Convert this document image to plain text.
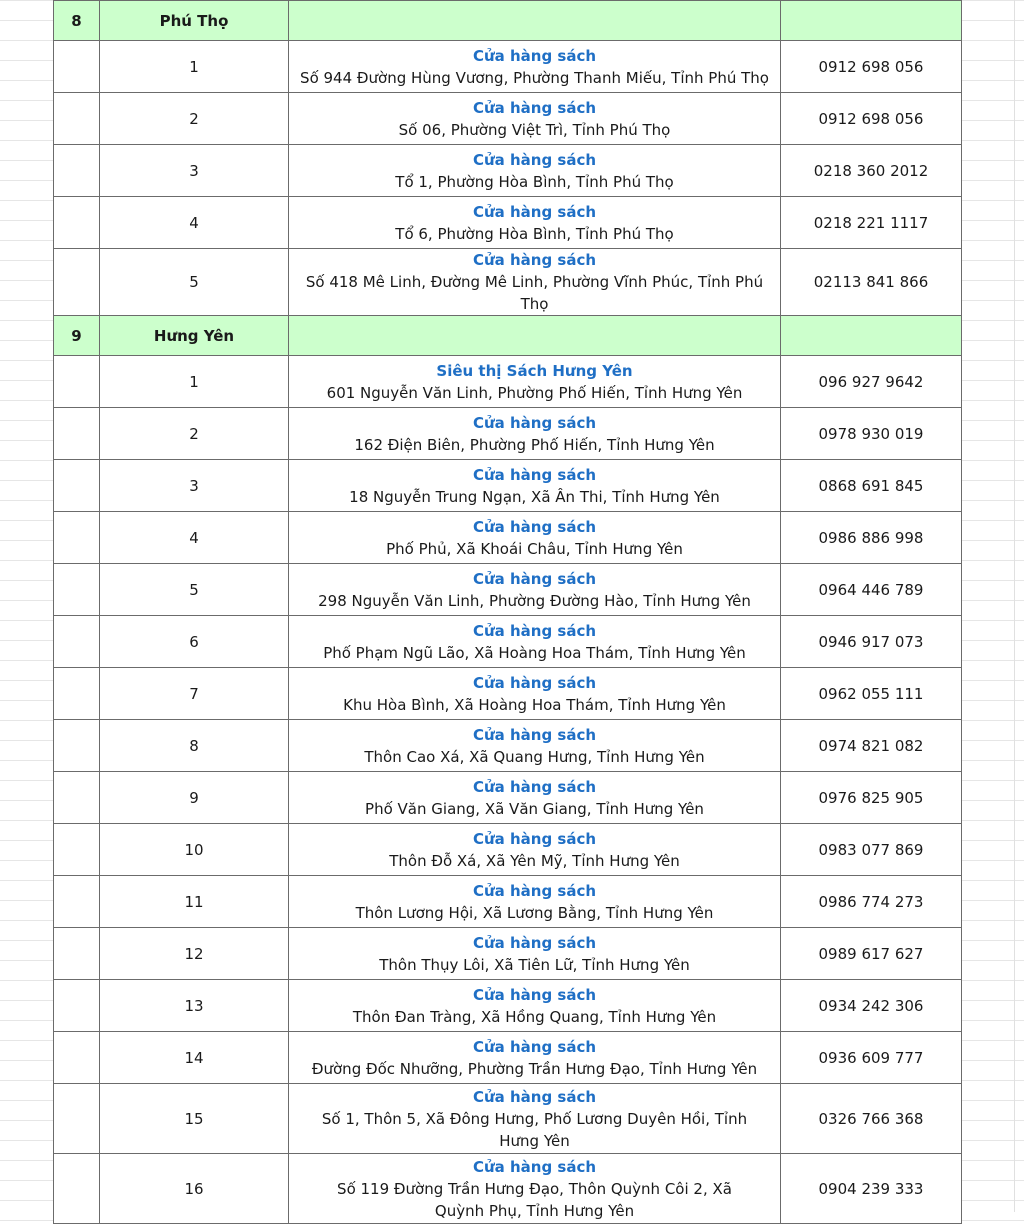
8	Phú Thọ		
	1	Cửa hàng sách
Số 944 Đường Hùng Vương, Phường Thanh Miếu, Tỉnh Phú Thọ	0912 698 056
	2	Cửa hàng sách
Số 06, Phường Việt Trì, Tỉnh Phú Thọ	0912 698 056
	3	Cửa hàng sách
Tổ 1, Phường Hòa Bình, Tỉnh Phú Thọ	0218 360 2012
	4	Cửa hàng sách
Tổ 6, Phường Hòa Bình, Tỉnh Phú Thọ	0218 221 1117
	5	Cửa hàng sách
Số 418 Mê Linh, Đường Mê Linh, Phường Vĩnh Phúc, Tỉnh Phú Thọ	02113 841 866
9	Hưng Yên		
	1	Siêu thị Sách Hưng Yên
601 Nguyễn Văn Linh, Phường Phố Hiến, Tỉnh Hưng Yên	096 927 9642
	2	Cửa hàng sách
162 Điện Biên, Phường Phố Hiến, Tỉnh Hưng Yên	0978 930 019
	3	Cửa hàng sách
18 Nguyễn Trung Ngạn, Xã Ân Thi, Tỉnh Hưng Yên	0868 691 845
	4	Cửa hàng sách
Phố Phủ, Xã Khoái Châu, Tỉnh Hưng Yên	0986 886 998
	5	Cửa hàng sách
298 Nguyễn Văn Linh, Phường Đường Hào, Tỉnh Hưng Yên	0964 446 789
	6	Cửa hàng sách
Phố Phạm Ngũ Lão, Xã Hoàng Hoa Thám, Tỉnh Hưng Yên	0946 917 073
	7	Cửa hàng sách
Khu Hòa Bình, Xã Hoàng Hoa Thám, Tỉnh Hưng Yên	0962 055 111
	8	Cửa hàng sách
Thôn Cao Xá, Xã Quang Hưng, Tỉnh Hưng Yên	0974 821 082
	9	Cửa hàng sách
Phố Văn Giang, Xã Văn Giang, Tỉnh Hưng Yên	0976 825 905
	10	Cửa hàng sách
Thôn Đỗ Xá, Xã Yên Mỹ, Tỉnh Hưng Yên	0983 077 869
	11	Cửa hàng sách
Thôn Lương Hội, Xã Lương Bằng, Tỉnh Hưng Yên	0986 774 273
	12	Cửa hàng sách
Thôn Thụy Lôi, Xã Tiên Lữ, Tỉnh Hưng Yên	0989 617 627
	13	Cửa hàng sách
Thôn Đan Tràng, Xã Hồng Quang, Tỉnh Hưng Yên	0934 242 306
	14	Cửa hàng sách
Đường Đốc Nhưỡng, Phường Trần Hưng Đạo, Tỉnh Hưng Yên	0936 609 777
	15	Cửa hàng sách
Số 1, Thôn 5, Xã Đông Hưng, Phố Lương Duyên Hồi, Tỉnh Hưng Yên	0326 766 368
	16	Cửa hàng sách
Số 119 Đường Trần Hưng Đạo, Thôn Quỳnh Côi 2, Xã Quỳnh Phụ, Tỉnh Hưng Yên	0904 239 333
